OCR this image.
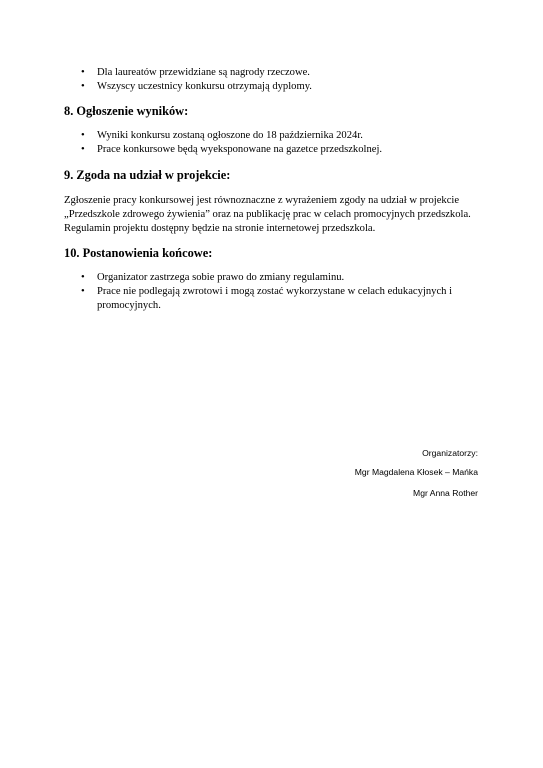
• Dla laureatów przewidziane są nagrody rzeczowe.
• Wszyscy uczestnicy konkursu otrzymają dyplomy.
8. Ogłoszenie wyników:
• Wyniki konkursu zostaną ogłoszone do 18 października 2024r.
• Prace konkursowe będą wyeksponowane na gazetce przedszkolnej.
9. Zgoda na udział w projekcie:

Zgłoszenie pracy konkursowej jest równoznaczne z wyrażeniem zgody na udział w projekcie „Przedszkole zdrowego żywienia” oraz na publikację prac w celach promocyjnych przedszkola. Regulamin projektu dostępny będzie na stronie internetowej przedszkola.

10. Postanowienia końcowe:
• Organizator zastrzega sobie prawo do zmiany regulaminu.
• Prace nie podlegają zwrotowi i mogą zostać wykorzystane w celach edukacyjnych i promocyjnych.
Organizatorzy:
Mgr Magdalena Kłosek – Mańka
Mgr Anna Rother
